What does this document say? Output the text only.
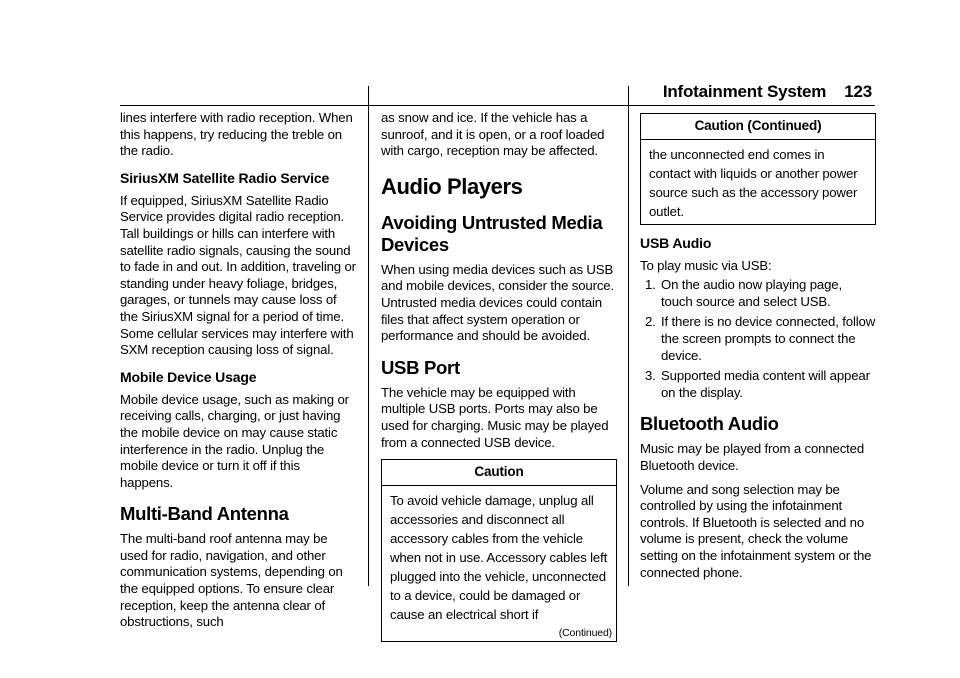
Infotainment System 123

lines interfere with radio reception. When this happens, try reducing the treble on the radio.

SiriusXM Satellite Radio Service

If equipped, SiriusXM Satellite Radio Service provides digital radio reception. Tall buildings or hills can interfere with satellite radio signals, causing the sound to fade in and out. In addition, traveling or standing under heavy foliage, bridges, garages, or tunnels may cause loss of the SiriusXM signal for a period of time. Some cellular services may interfere with SXM reception causing loss of signal.

Mobile Device Usage

Mobile device usage, such as making or receiving calls, charging, or just having the mobile device on may cause static interference in the radio. Unplug the mobile device or turn it off if this happens.

Multi-Band Antenna

The multi-band roof antenna may be used for radio, navigation, and other communication systems, depending on the equipped options. To ensure clear reception, keep the antenna clear of obstructions, such

as snow and ice. If the vehicle has a sunroof, and it is open, or a roof loaded with cargo, reception may be affected.

Audio Players
Avoiding Untrusted Media Devices

When using media devices such as USB and mobile devices, consider the source. Untrusted media devices could contain files that affect system operation or performance and should be avoided.

USB Port

The vehicle may be equipped with multiple USB ports. Ports may also be used for charging. Music may be played from a connected USB device.

Caution
To avoid vehicle damage, unplug all accessories and disconnect all accessory cables from the vehicle when not in use. Accessory cables left plugged into the vehicle, unconnected to a device, could be damaged or cause an electrical short if
(Continued)
Caution (Continued)
the unconnected end comes in contact with liquids or another power source such as the accessory power outlet.
USB Audio

To play music via USB:

1. On the audio now playing page, touch source and select USB.
2. If there is no device connected, follow the screen prompts to connect the device.
3. Supported media content will appear on the display.
Bluetooth Audio

Music may be played from a connected Bluetooth device.

Volume and song selection may be controlled by using the infotainment controls. If Bluetooth is selected and no volume is present, check the volume setting on the infotainment system or the connected phone.
